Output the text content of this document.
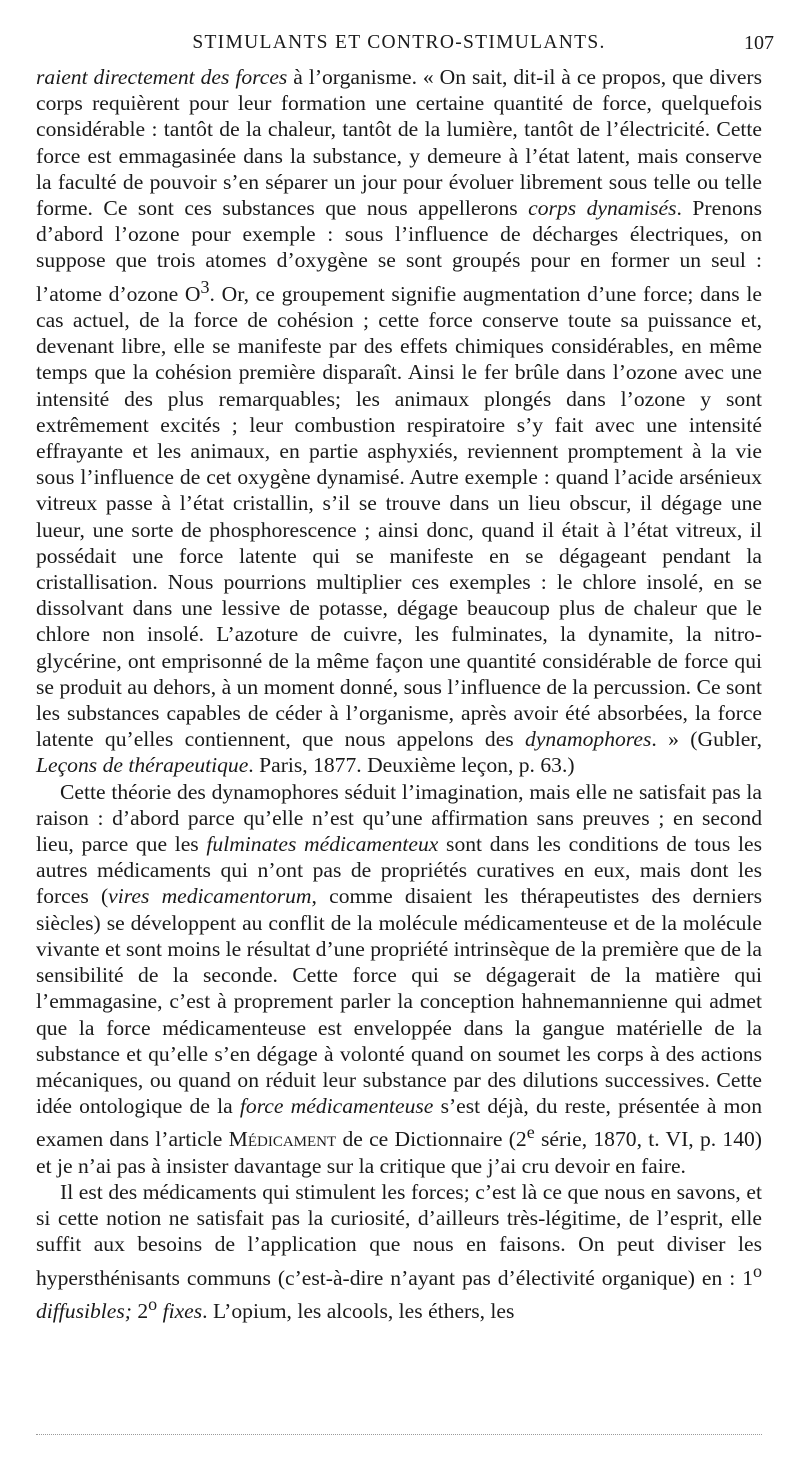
STIMULANTS ET CONTRO-STIMULANTS.	107

raient directement des forces à l’organisme. « On sait, dit-il à ce propos, que divers corps requièrent pour leur formation une certaine quantité de force, quelquefois considérable : tantôt de la chaleur, tantôt de la lumière, tantôt de l’électricité. Cette force est emmagasinée dans la substance, y demeure à l’état latent, mais conserve la faculté de pouvoir s’en séparer un jour pour évoluer librement sous telle ou telle forme. Ce sont ces substances que nous appellerons corps dynamisés. Prenons d’abord l’ozone pour exemple : sous l’influence de décharges électriques, on suppose que trois atomes d’oxygène se sont groupés pour en former un seul : l’atome d’ozone $O^3$. Or, ce groupement signifie augmentation d’une force; dans le cas actuel, de la force de cohésion ; cette force conserve toute sa puissance et, devenant libre, elle se manifeste par des effets chimiques considérables, en même temps que la cohésion première disparaît. Ainsi le fer brûle dans l’ozone avec une intensité des plus remarquables; les animaux plongés dans l’ozone y sont extrêmement excités ; leur combustion respiratoire s’y fait avec une intensité effrayante et les animaux, en partie asphyxiés, reviennent promptement à la vie sous l’influence de cet oxygène dynamisé. Autre exemple : quand l’acide arsénieux vitreux passe à l’état cristallin, s’il se trouve dans un lieu obscur, il dégage une lueur, une sorte de phosphorescence ; ainsi donc, quand il était à l’état vitreux, il possédait une force latente qui se manifeste en se dégageant pendant la cristallisation. Nous pourrions multiplier ces exemples : le chlore insolé, en se dissolvant dans une lessive de potasse, dégage beaucoup plus de chaleur que le chlore non insolé. L’azoture de cuivre, les fulminates, la dynamite, la nitro-glycérine, ont emprisonné de la même façon une quantité considérable de force qui se produit au dehors, à un moment donné, sous l’influence de la percussion. Ce sont les substances capables de céder à l’organisme, après avoir été absorbées, la force latente qu’elles contiennent, que nous appelons des dynamophores. » (Gubler, Leçons de thérapeutique. Paris, 1877. Deuxième leçon, p. 63.)

Cette théorie des dynamophores séduit l’imagination, mais elle ne satisfait pas la raison : d’abord parce qu’elle n’est qu’une affirmation sans preuves ; en second lieu, parce que les fulminates médicamenteux sont dans les conditions de tous les autres médicaments qui n’ont pas de propriétés curatives en eux, mais dont les forces (vires medicamentorum, comme disaient les thérapeutistes des derniers siècles) se développent au conflit de la molécule médicamenteuse et de la molécule vivante et sont moins le résultat d’une propriété intrinsèque de la première que de la sensibilité de la seconde. Cette force qui se dégagerait de la matière qui l’emmagasine, c’est à proprement parler la conception hahnemannienne qui admet que la force médicamenteuse est enveloppée dans la gangue matérielle de la substance et qu’elle s’en dégage à volonté quand on soumet les corps à des actions mécaniques, ou quand on réduit leur substance par des dilutions successives. Cette idée ontologique de la force médicamenteuse s’est déjà, du reste, présentée à mon examen dans l’article Médicament de ce Dictionnaire (2e série, 1870, t. VI, p. 140) et je n’ai pas à insister davantage sur la critique que j’ai cru devoir en faire.

Il est des médicaments qui stimulent les forces; c’est là ce que nous en savons, et si cette notion ne satisfait pas la curiosité, d’ailleurs très-légitime, de l’esprit, elle suffit aux besoins de l’application que nous en faisons. On peut diviser les hypersthénisants communs (c’est-à-dire n’ayant pas d’électivité organique) en : 1$^o$ diffusibles; 2$^o$ fixes. L’opium, les alcools, les éthers, les
